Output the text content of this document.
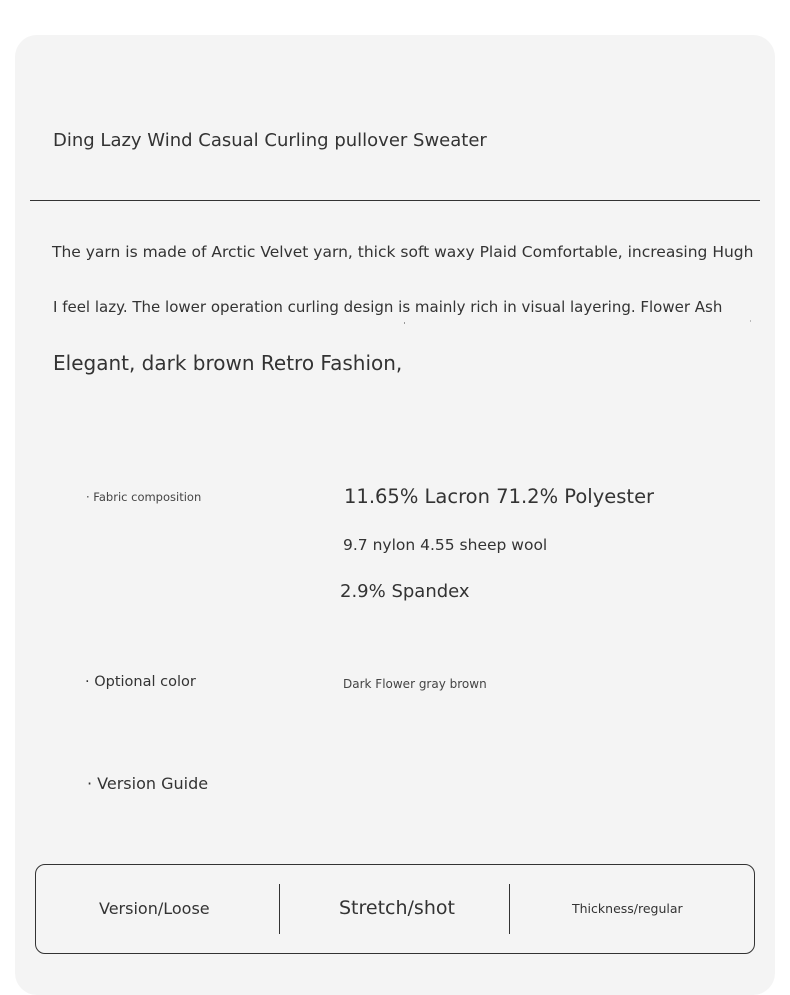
Ding Lazy Wind Casual Curling pullover Sweater
The yarn is made of Arctic Velvet yarn, thick soft waxy Plaid Comfortable, increasing Hugh
I feel lazy. The lower operation curling design is mainly rich in visual layering. Flower Ash
Elegant, dark brown Retro Fashion,
· Fabric composition	11.65% Lacron 71.2% Polyester
9.7 nylon 4.55 sheep wool
2.9% Spandex
· Optional color	Dark Flower gray brown
· Version Guide
Version/Loose	Stretch/shot	Thickness/regular
